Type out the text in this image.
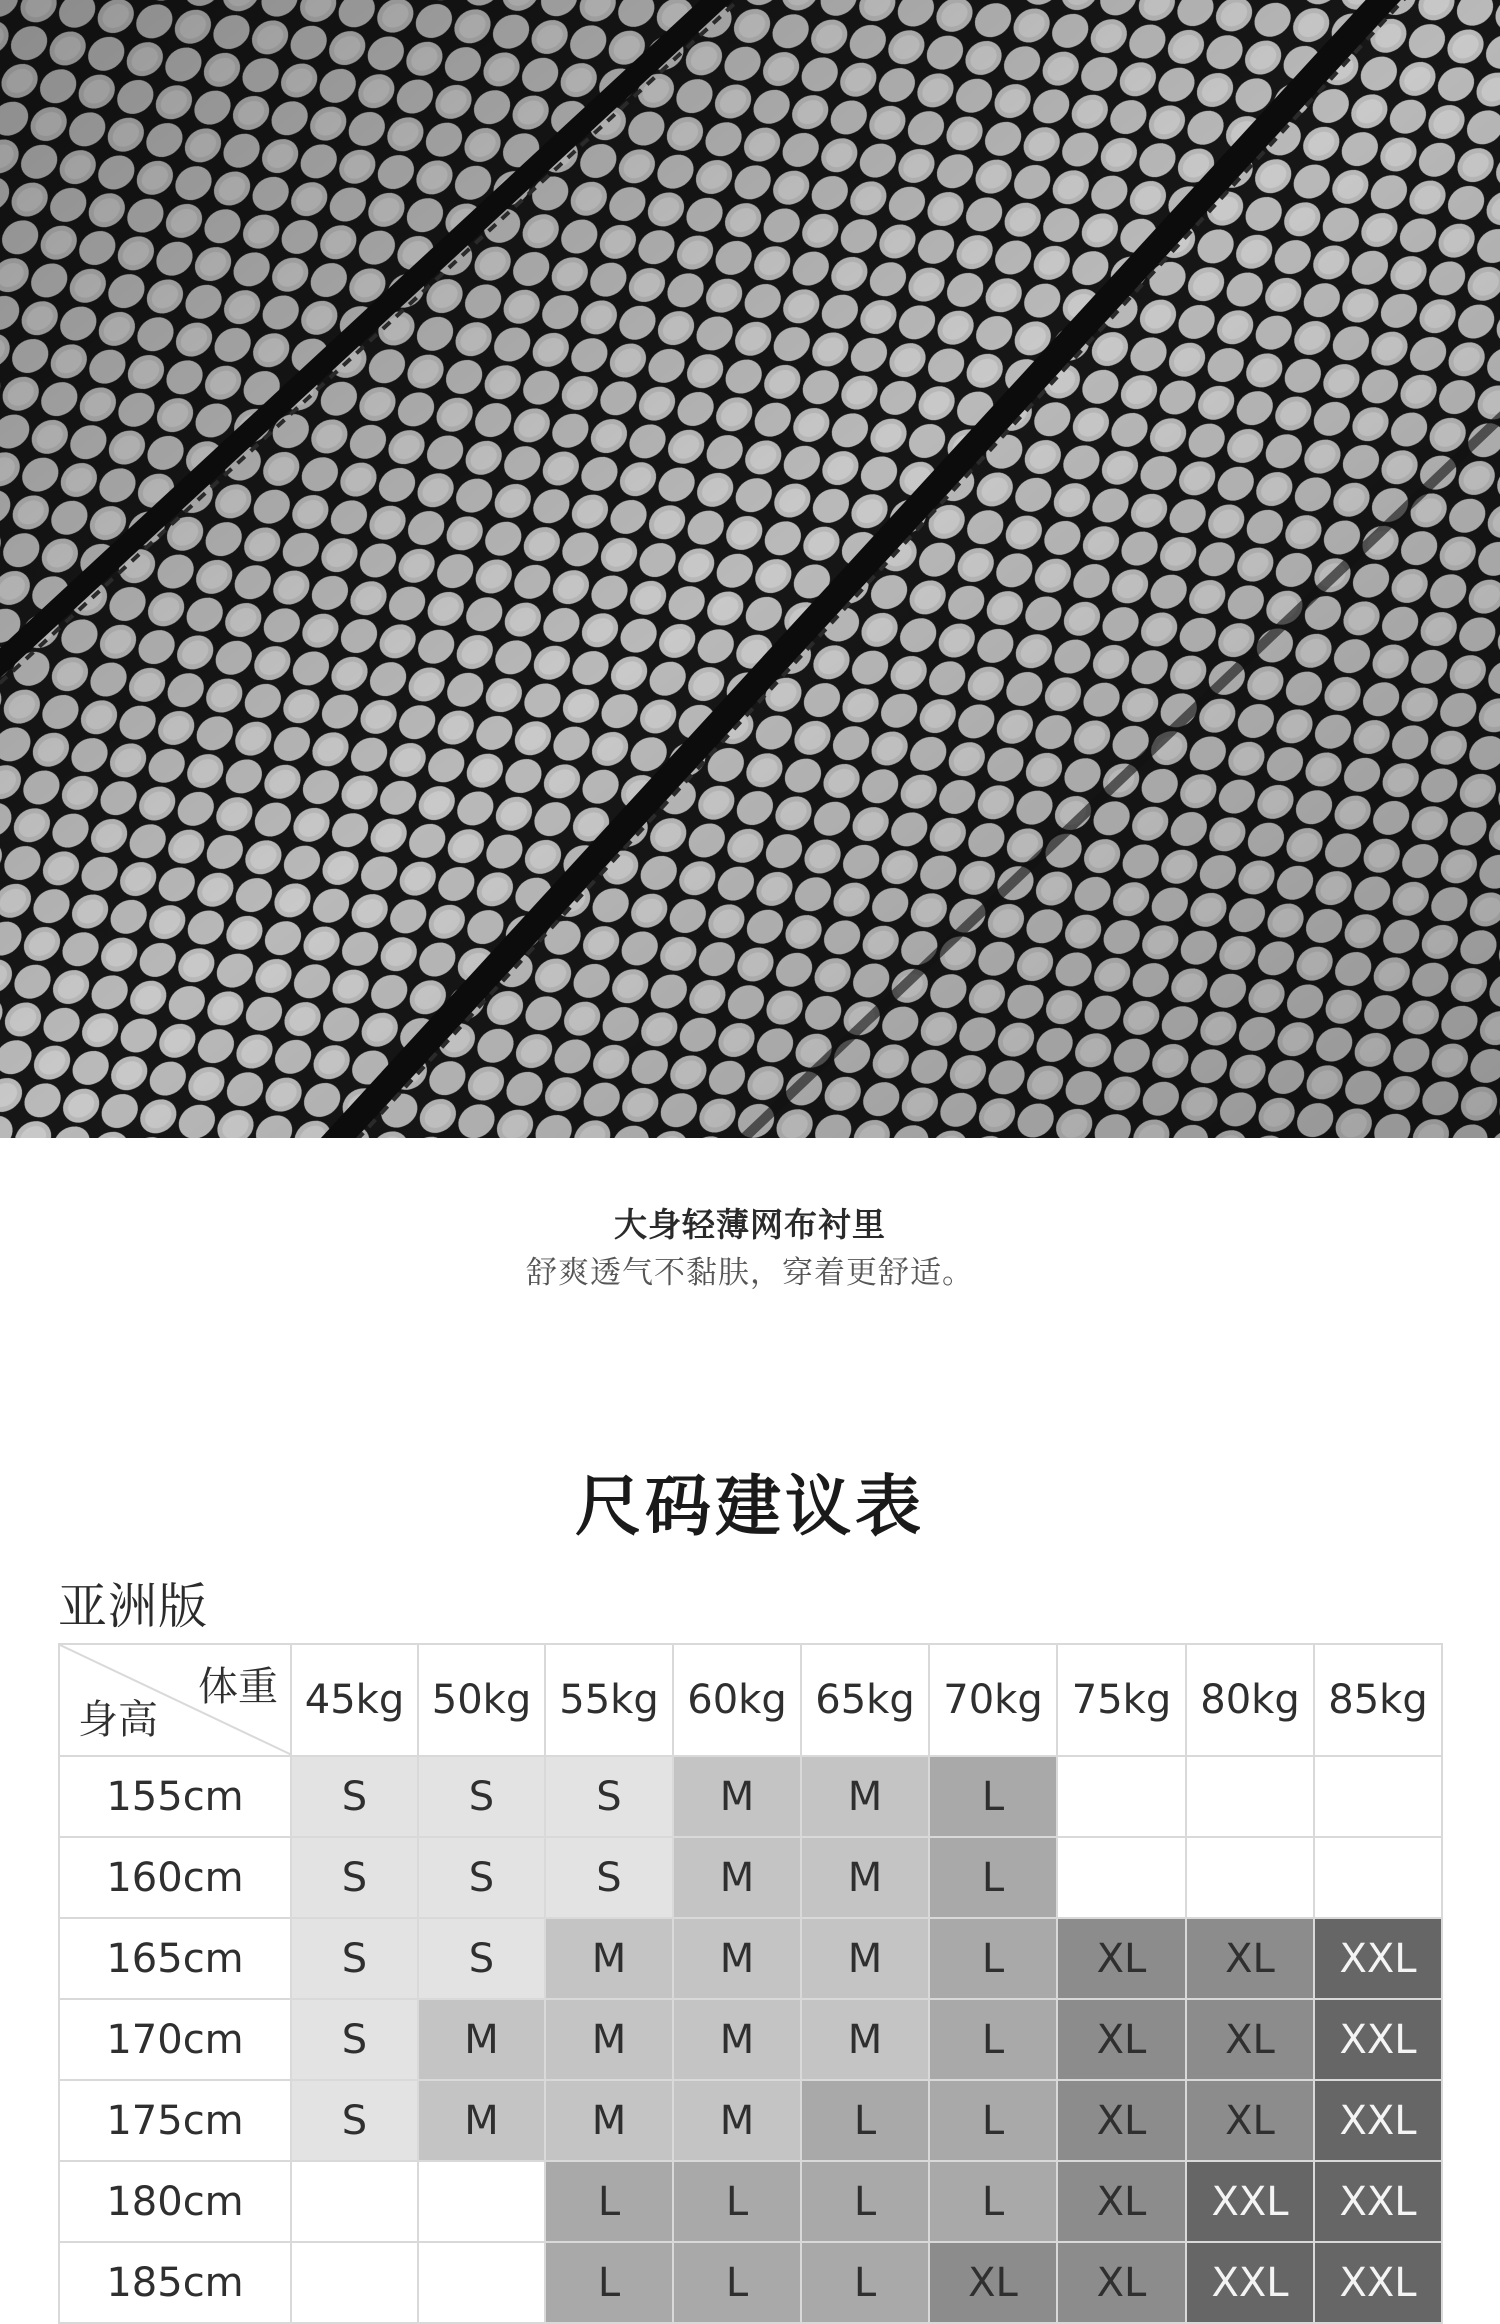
大身轻薄网布衬里
舒爽透气不黏肤，穿着更舒适。
尺码建议表
亚洲版
体重
身高	45kg	50kg	55kg	60kg	65kg	70kg	75kg	80kg	85kg
155cm	S	S	S	M	M	L			
160cm	S	S	S	M	M	L			
165cm	S	S	M	M	M	L	XL	XL	XXL
170cm	S	M	M	M	M	L	XL	XL	XXL
175cm	S	M	M	M	L	L	XL	XL	XXL
180cm			L	L	L	L	XL	XXL	XXL
185cm			L	L	L	XL	XL	XXL	XXL
